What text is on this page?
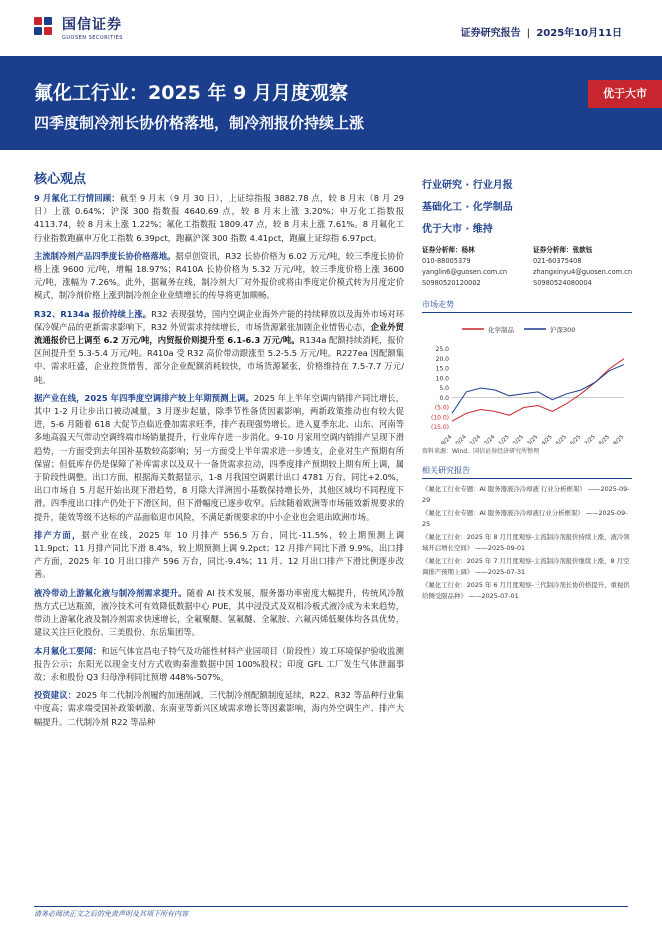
国信证券
GUOSEN SECURITIES	证券研究报告 | 2025年10月11日
氟化工行业：2025 年 9 月月度观察
四季度制冷剂长协价格落地，制冷剂报价持续上涨
优于大市
核心观点

9 月氟化工行情回顾：截至 9 月末（9 月 30 日），上证综指报 3882.78 点，较 8 月末（8 月 29 日）上涨 0.64%；沪深 300 指数报 4640.69 点，较 8 月末上涨 3.20%；申万化工指数报 4113.74，较 8 月末上涨 1.22%；氟化工指数报 1809.47 点，较 8 月末上涨 7.61%。8 月氟化工行业指数跑赢申万化工指数 6.39pct，跑赢沪深 300 指数 4.41pct，跑赢上证综指 6.97pct。

主流制冷剂产品四季度长协价格落地。据卓创资讯，R32 长协价格为 6.02 万元/吨，较三季度长协价格上涨 9600 元/吨，增幅 18.97%；R410A 长协价格为 5.32 万元/吨，较三季度价格上涨 3600 元/吨，涨幅为 7.26%。此外，据氟务在线，制冷剂大厂对外报价或将由季度定价模式转为月度定价模式，制冷剂价格上涨到制冷剂企业业绩增长的传导将更加顺畅。

R32、R134a 报价持续上涨。R32 表现强势，国内空调企业海外产能的持续释放以及海外市场对环保冷媒产品的更新需求影响下，R32 外贸需求持续增长，市场货源紧张加剧企业惜售心态，企业外贸流通报价已上调至 6.2 万元/吨，内贸报价则提升至 6.1-6.3 万元/吨。R134a 配额持续消耗，报价区间提升至 5.3-5.4 万元/吨。R410a 受 R32 高价带动跟涨至 5.2-5.5 万元/吨。R227ea 因配额集中、需求旺盛，企业控货惜售，部分企业配额消耗较快，市场货源紧张，价格维持在 7.5-7.7 万元/吨。

据产业在线，2025 年四季度空调排产较上年期预测上调。2025 年上半年空调内销排产同比增长，其中 1-2 月让步出口被动减量，3 月逐步起量，除季节性备货因素影响，两新政策推动也有较大促进，5-6 月随着 618 大促节点临近叠加需求旺季，排产表现强势增长。进入夏季东北、山东、河南等多地高温天气带动空调终端市场销量提升，行业库存进一步消化。9-10 月家用空调内销排产呈现下滑趋势，一方面受到去年国补基数较高影响；另一方面受上半年需求进一步透支，企业对生产预期有所保留；但低库存仍是保障了补库需求以及双十一备货需求拉动，四季度排产预期较上期有所上调，属于阶段性调整。出口方面，根据海关数据显示，1-8 月我国空调累计出口 4781 万台，同比+2.0%，出口市场自 5 月起开始出现下滑趋势，8 月除大洋洲因小基数保持增长外，其他区域均不同程度下滑。四季度出口排产仍处于下滑区间，但下滑幅度已逐步收窄。后续随着欧洲等市场能效新规要求的提升，能效等级不达标的产品面临退市风险，不满足新规要求的中小企业也会退出欧洲市场。

排产方面，据产业在线，2025 年 10 月排产 556.5 万台，同比-11.5%，较上期预测上调 11.9pct；11 月排产同比下滑 8.4%，较上期预测上调 9.2pct；12 月排产同比下滑 9.9%。出口排产方面，2025 年 10 月出口排产 596 万台，同比-9.4%；11 月、12 月出口排产下滑比例逐步改善。

液冷带动上游氟化液与制冷剂需求提升。随着 AI 技术发展，服务器功率密度大幅提升，传统风冷散热方式已达瓶颈，液冷技术可有效降低数据中心 PUE，其中浸没式及双相冷板式液冷成为未来趋势，带动上游氟化液及制冷剂需求快速增长，全氟聚醚、氢氟醚、全氟胺、六氟丙烯低聚体均各具优势，建议关注巨化股份、三美股份、东岳集团等。

本月氟化工要闻：和远气体宜昌电子特气及功能性材料产业园项目（阶段性）竣工环境保护验收监测报告公示；东阳光以现金支付方式收购秦淮数据中国 100%股权；印度 GFL 工厂发生气体泄漏事故；永和股份 Q3 归母净利同比预增 448%-507%。

投资建议：2025 年二代制冷剂履约加速削减，三代制冷剂配额制度延续，R22、R32 等品种行业集中度高；需求端受国补政策刺激、东南亚等新兴区域需求增长等因素影响，海内外空调生产、排产大幅提升。二代制冷剂 R22 等品种

行业研究 · 行业月报
基础化工 · 化学制品
优于大市 · 维持
证券分析师：杨林
010-88005379
yanglin6@guosen.com.cn
S0980520120002
证券分析师：张歆钰
021-60375408
zhangxinyu4@guosen.com.cn
S0980524080004
市场走势
化学制品	沪深300
25.0
20.0
15.0
10.0
5.0
0.0
(5.0)
(10.0)
(15.0)
9/24
10/24
11/24
12/24 1/25 2/25 3/25 4/25 5/25 6/25 7/25 8/25 9/25
资料来源：Wind、国信证券经济研究所整理
相关研究报告
《氟化工行业专题：AI 服务器液冷冷却液 行业分析框架》 ——2025-09-29
《氟化工行业专题：AI 服务器液冷冷却液行业分析框架》 ——2025-09-25
《氟化工行业：2025 年 8 月月度观察-主流制冷剂报价持续上涨，液冷领域开启增长空间》 ——2025-09-01
《氟化工行业：2025 年 7 月月度观察-主流制冷剂报价继续上涨，8 月空调排产预期上调》 ——2025-07-31
《氟化工行业：2025 年 6 月月度观察-三代制冷剂长协价格提升，重视供给侧受限品种》 ——2025-07-01
请务必阅读正文之后的免责声明及其项下所有内容
